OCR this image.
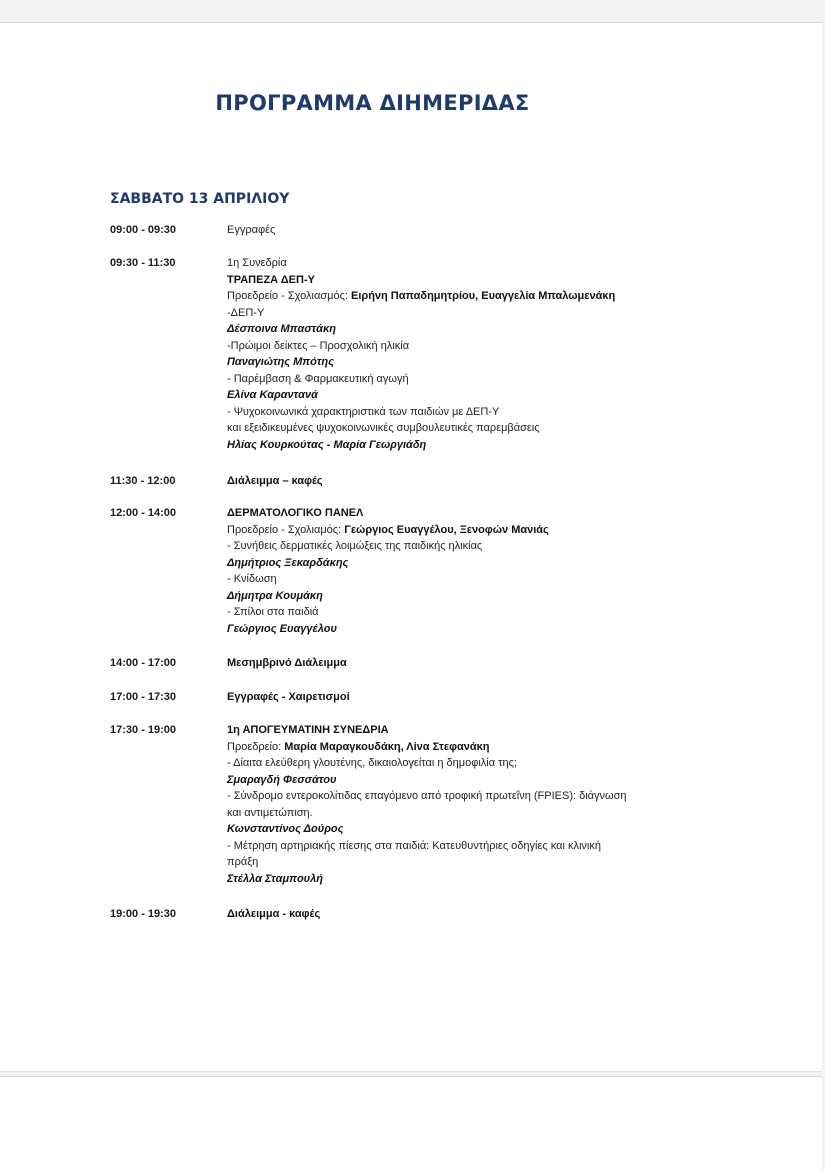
ΠΡΟΓΡΑΜΜΑ ΔΙΗΜΕΡΙΔΑΣ
ΣΑΒΒΑΤΟ 13 ΑΠΡΙΛΙΟΥ
09:00 - 09:30	Εγγραφές
09:30 - 11:30	1η Συνεδρία
ΤΡΑΠΕΖΑ ΔΕΠ-Υ
Προεδρείο - Σχολιασμός: Ειρήνη Παπαδημητρίου, Ευαγγελία Μπαλωμενάκη
-ΔΕΠ-Υ
Δέσποινα Μπαστάκη
-Πρώιμοι δείκτες – Προσχολική ηλικία
Παναγιώτης Μπότης
- Παρέμβαση & Φαρμακευτική αγωγή
Ελίνα Καραντανά
- Ψυχοκοινωνικά χαρακτηριστικά των παιδιών με ΔΕΠ-Υ
και εξειδικευμένες ψυχοκοινωνικές συμβουλευτικές παρεμβάσεις
Ηλίας Κουρκούτας - Μαρία Γεωργιάδη
11:30 - 12:00	Διάλειμμα – καφές
12:00 - 14:00	ΔΕΡΜΑΤΟΛΟΓΙΚΟ ΠΑΝΕΛ
Προεδρείο - Σχολιαμός: Γεώργιος Ευαγγέλου, Ξενοφών Μανιάς
- Συνήθεις δερματικές λοιμώξεις της παιδικής ηλικίας
Δημήτριος Ξεκαρδάκης
- Κνίδωση
Δήμητρα Κουμάκη
- Σπίλοι στα παιδιά
Γεώργιος Ευαγγέλου
14:00 - 17:00	Μεσημβρινό Διάλειμμα
17:00 - 17:30	Εγγραφές - Χαιρετισμοί
17:30 - 19:00	1η ΑΠΟΓΕΥΜΑΤΙΝΗ ΣΥΝΕΔΡΙΑ
Προεδρείο: Μαρία Μαραγκουδάκη, Λίνα Στεφανάκη
- Δίαιτα ελεύθερη γλουτένης, δικαιολογείται η δημοφιλία της;
Σμαραγδή Φεσσάτου
- Σύνδρομο εντεροκολίτιδας επαγόμενο από τροφική πρωτεΐνη (FPIES): διάγνωση
και αντιμετώπιση.
Κωνσταντίνος Δούρος
- Μέτρηση αρτηριακής πίεσης στα παιδιά: Κατευθυντήριες οδηγίες και κλινική
πράξη
Στέλλα Σταμπουλή
19:00 - 19:30	Διάλειμμα - καφές
